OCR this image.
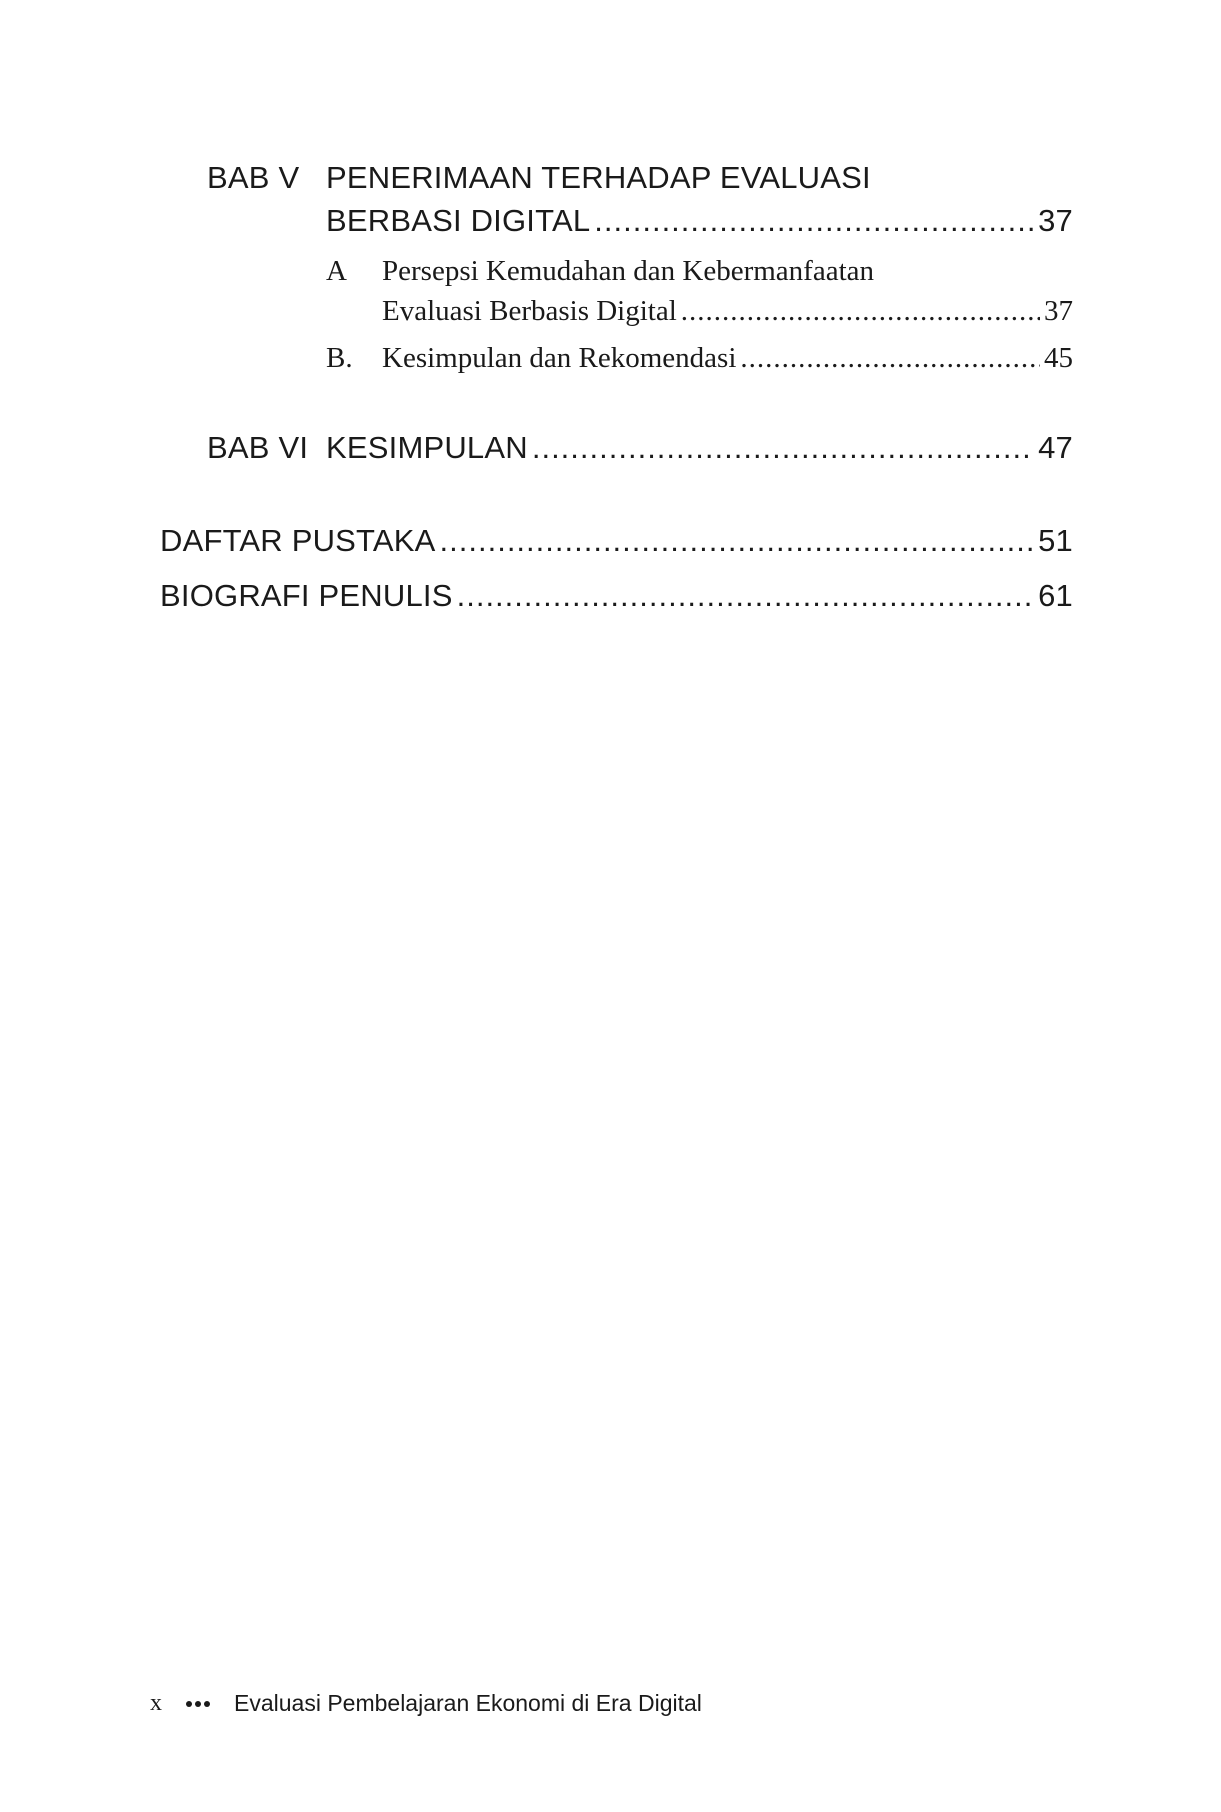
BAB V PENERIMAAN TERHADAP EVALUASI
BERBASI DIGITAL .....	37
A Persepsi Kemudahan dan Kebermanfaatan
Evaluasi Berbasis Digital .....	37
B. Kesimpulan dan Rekomendasi .....	45
BAB VI KESIMPULAN .....	47
DAFTAR PUSTAKA .....	51
BIOGRAFI PENULIS .....	61
x	Evaluasi Pembelajaran Ekonomi di Era Digital
